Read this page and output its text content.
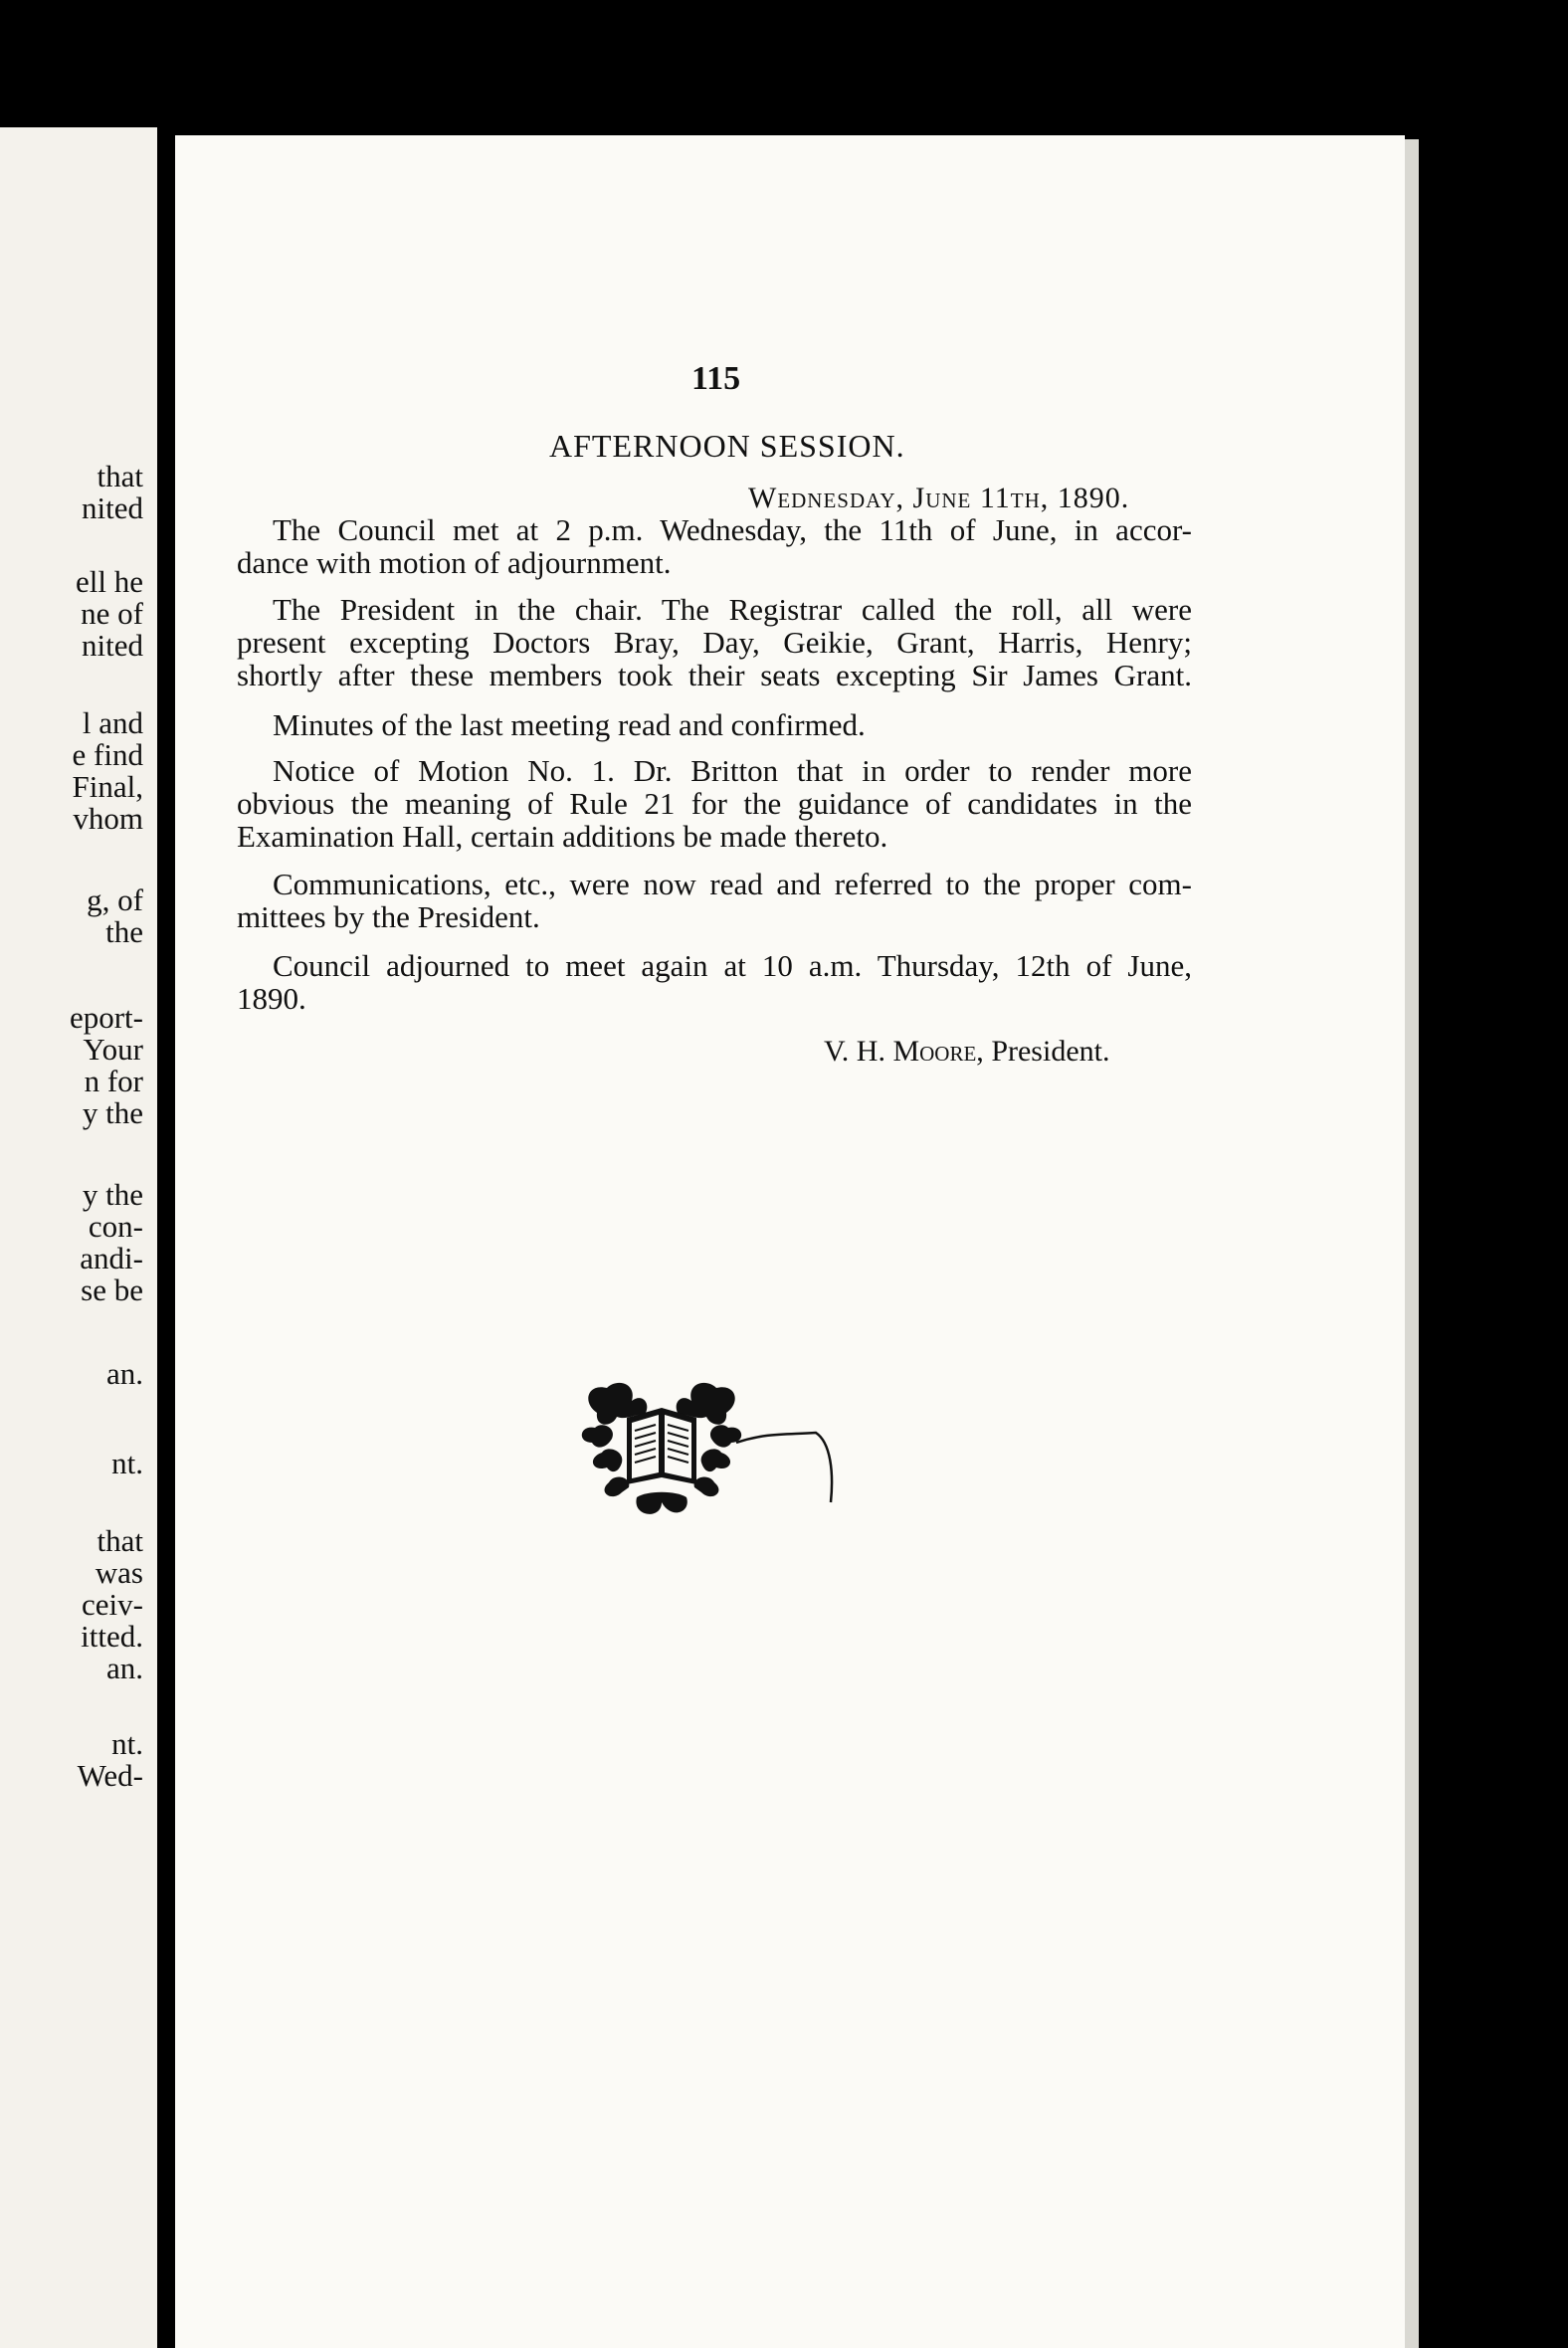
that
nited
ell he
ne of
nited
l and
e find
Final,
vhom
g, of
the
eport-
Your
n for
y the
y the
con-
andi-
se be
an.
nt.
that
was
ceiv-
itted.
an.
nt.
Wed-
115
AFTERNOON SESSION.
Wednesday, June 11th, 1890.
The Council met at 2 p.m. Wednesday, the 11th of June, in accor-
dance with motion of adjournment.
The President in the chair. The Registrar called the roll, all were
present excepting Doctors Bray, Day, Geikie, Grant, Harris, Henry;
shortly after these members took their seats excepting Sir James Grant.
Minutes of the last meeting read and confirmed.
Notice of Motion No. 1. Dr. Britton that in order to render more
obvious the meaning of Rule 21 for the guidance of candidates in the
Examination Hall, certain additions be made thereto.
Communications, etc., were now read and referred to the proper com-
mittees by the President.
Council adjourned to meet again at 10 a.m. Thursday, 12th of June,
1890.
V. H. Moore, President.
